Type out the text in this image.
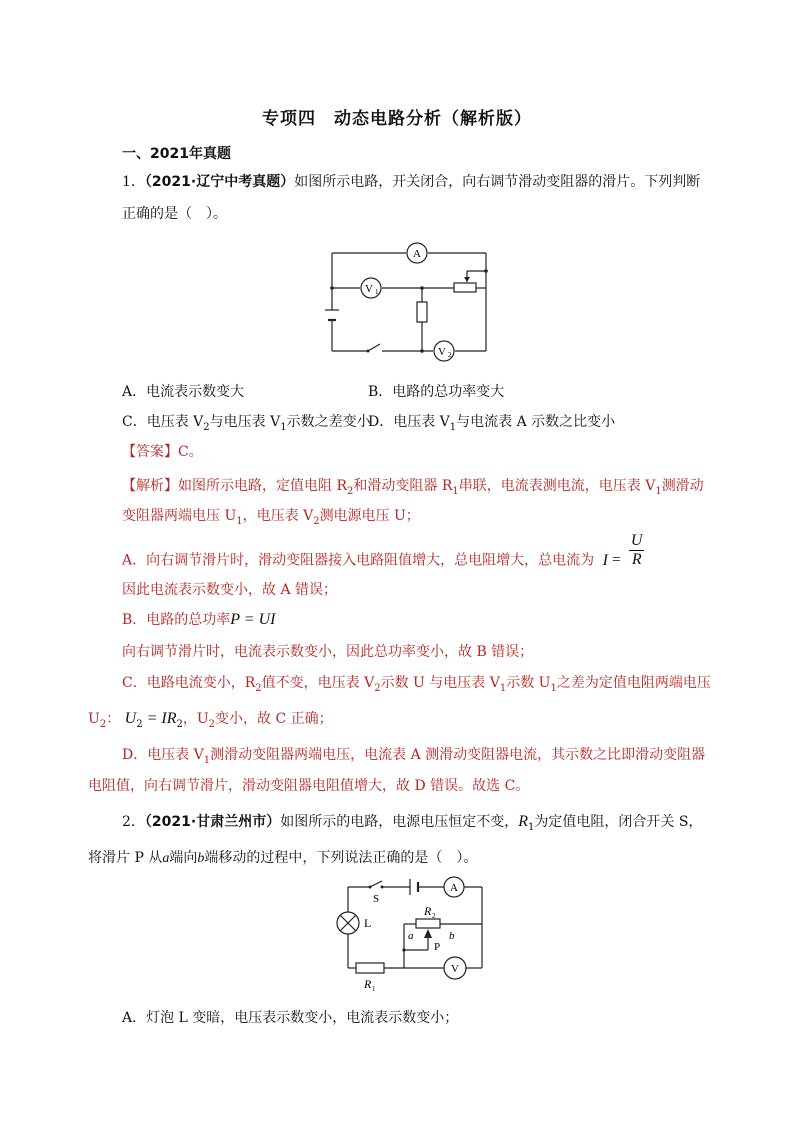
专项四　动态电路分析（解析版）
一、2021年真题
1．（2021·辽宁中考真题）如图所示电路，开关闭合，向右调节滑动变阻器的滑片。下列判断
正确的是（　）。
A
V 1
V 2
A．电流表示数变大	B．电路的总功率变大
C．电压表 $V_2$与电压表 $V_1$示数之差变小
D．电压表 $V_1$与电流表 A 示数之比变小
【答案】C。
【解析】如图所示电路，定值电阻 $R_2$和滑动变阻器 $R_1$串联，电流表测电流，电压表 $V_1$测滑动
变阻器两端电压 $U_1$，电压表 $V_2$测电源电压 U；
A．向右调节滑片时，滑动变阻器接入电路阻值增大，总电阻增大，总电流为 $I = \frac{U}{R}$
因此电流表示数变小，故 A 错误；
B．电路的总功率P = UI
向右调节滑片时，电流表示数变小，因此总功率变小，故 B 错误；
C．电路电流变小，$R_2$值不变，电压表 $V_2$示数 U 与电压表 $V_1$示数 $U_1$之差为定值电阻两端电压
$U_2$： $U_2 = IR_2$，$U_2$变小，故 C 正确；
D．电压表 $V_1$测滑动变阻器两端电压，电流表 A 测滑动变阻器电流，其示数之比即滑动变阻器
电阻值，向右调节滑片，滑动变阻器电阻值增大，故 D 错误。故选 C。
2．（2021·甘肃兰州市）如图所示的电路，电源电压恒定不变，$R_1$为定值电阻，闭合开关 S，
将滑片 P 从a端向b端移动的过程中，下列说法正确的是（　）。
S
A
L
R 2
a	b
P
V
R 1
A．灯泡 L 变暗，电压表示数变小，电流表示数变小；
